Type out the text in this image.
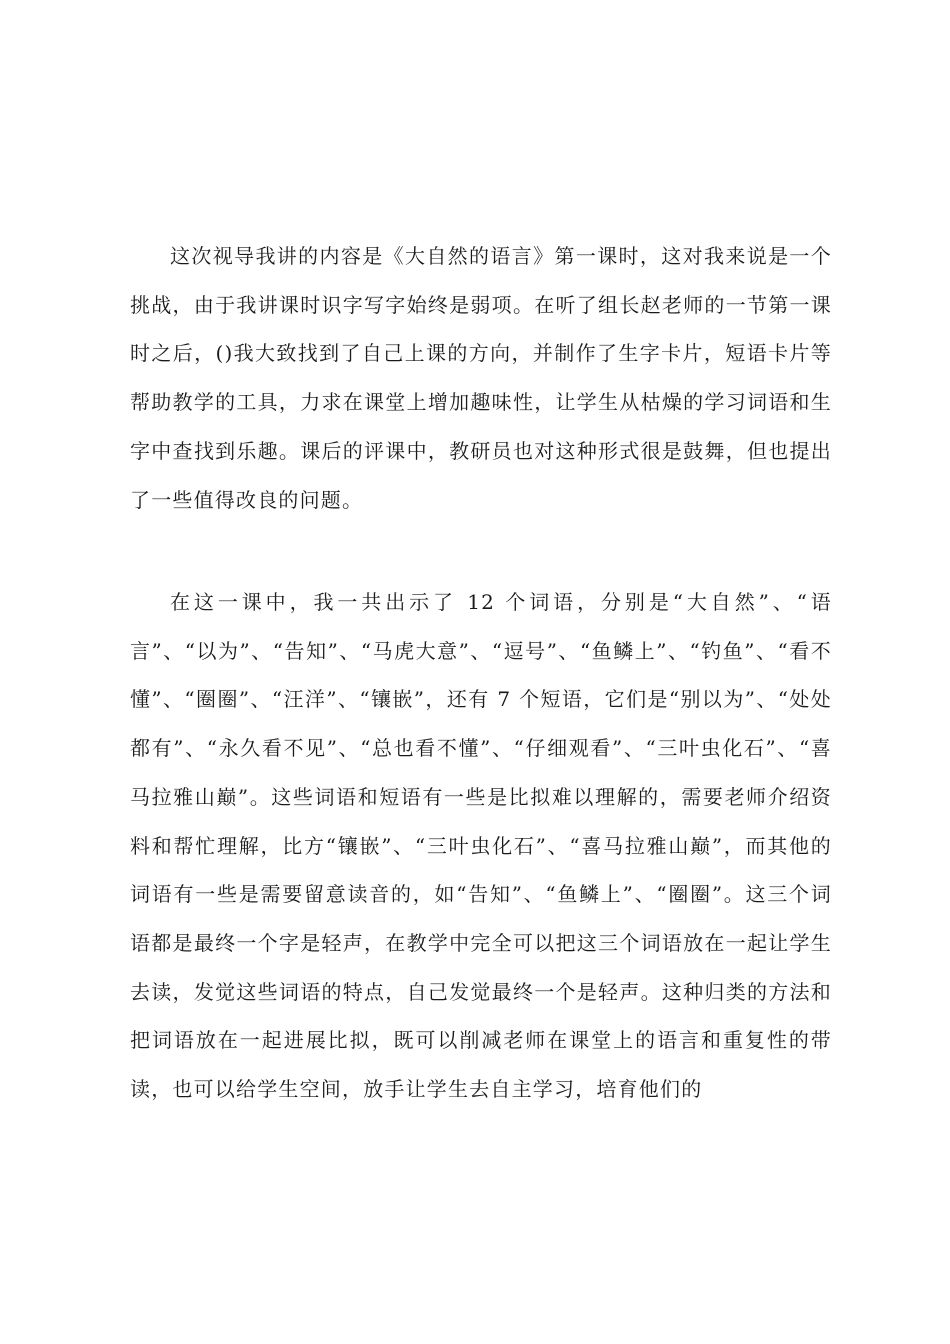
这次视导我讲的内容是《大自然的语言》第一课时，这对我来说是一个挑战，由于我讲课时识字写字始终是弱项。在听了组长赵老师的一节第一课时之后，()我大致找到了自己上课的方向，并制作了生字卡片，短语卡片等帮助教学的工具，力求在课堂上增加趣味性，让学生从枯燥的学习词语和生字中查找到乐趣。课后的评课中，教研员也对这种形式很是鼓舞，但也提出了一些值得改良的问题。

在这一课中，我一共出示了 12 个词语，分别是“大自然”、“语言”、“以为”、“告知”、“马虎大意”、“逗号”、“鱼鳞上”、“钓鱼”、“看不懂”、“圈圈”、“汪洋”、“镶嵌”，还有 7 个短语，它们是“别以为”、“处处都有”、“永久看不见”、“总也看不懂”、“仔细观看”、“三叶虫化石”、“喜马拉雅山巅”。这些词语和短语有一些是比拟难以理解的，需要老师介绍资料和帮忙理解，比方“镶嵌”、“三叶虫化石”、“喜马拉雅山巅”，而其他的词语有一些是需要留意读音的，如“告知”、“鱼鳞上”、“圈圈”。这三个词语都是最终一个字是轻声，在教学中完全可以把这三个词语放在一起让学生去读，发觉这些词语的特点，自己发觉最终一个是轻声。这种归类的方法和把词语放在一起进展比拟，既可以削减老师在课堂上的语言和重复性的带读，也可以给学生空间，放手让学生去自主学习，培育他们的
